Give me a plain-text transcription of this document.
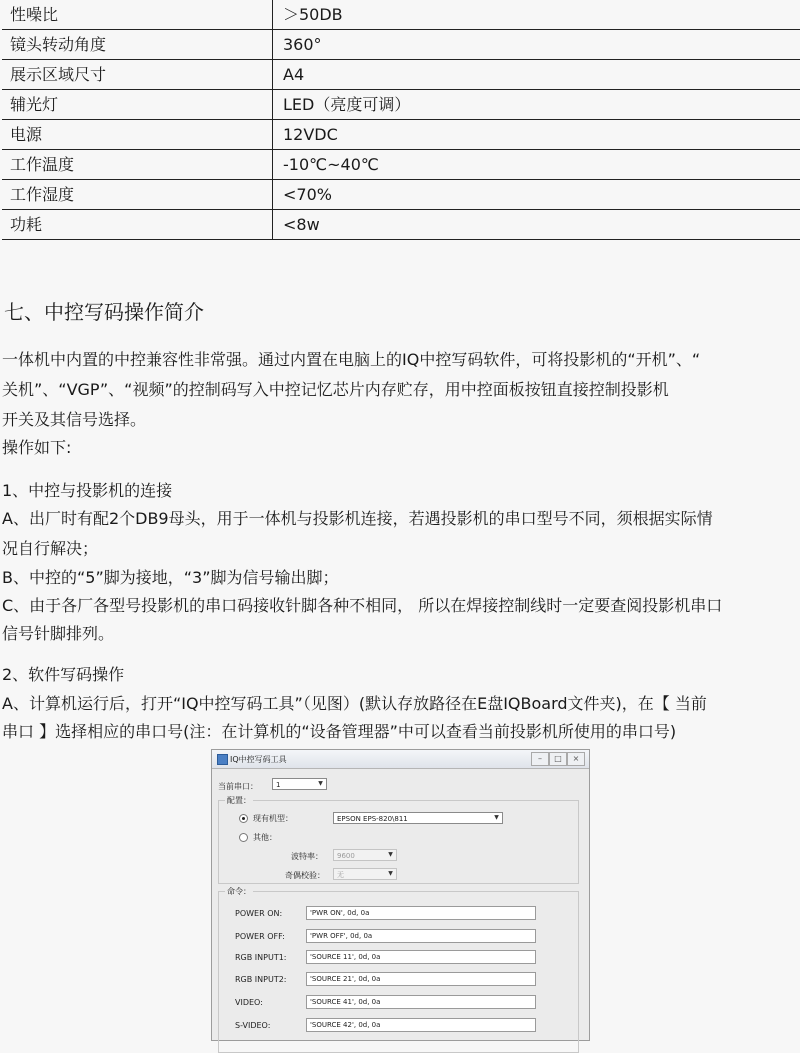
性噪比	＞50DB
镜头转动角度	360°
展示区域尺寸	A4
辅光灯	LED（亮度可调）
电源	12VDC
工作温度	-10℃~40℃
工作湿度	<70%
功耗	<8w
七、中控写码操作简介

一体机中内置的中控兼容性非常强。通过内置在电脑上的IQ中控写码软件，可将投影机的“开机”、“

关机”、“VGP”、“视频”的控制码写入中控记忆芯片内存贮存，用中控面板按钮直接控制投影机

开关及其信号选择。

操作如下:

1、中控与投影机的连接

A、出厂时有配2个DB9母头，用于一体机与投影机连接，若遇投影机的串口型号不同，须根据实际情

况自行解决；

B、中控的“5”脚为接地，“3”脚为信号输出脚；

C、由于各厂各型号投影机的串口码接收针脚各种不相同， 所以在焊接控制线时一定要查阅投影机串口

信号针脚排列。

2、软件写码操作

A、计算机运行后，打开“IQ中控写码工具”（见图）(默认存放路径在E盘IQBoard文件夹)，在【 当前

串口 】选择相应的串口号(注：在计算机的“设备管理器”中可以查看当前投影机所使用的串口号)

IQ中控写码工具	–	□	×
当前串口：	1	▼
配置：
现有机型：	EPSON EPS-820\811	▼
其他：
波特率：	9600	▼
奇偶校验：	无	▼
命令：
POWER ON:	'PWR ON', 0d, 0a
POWER OFF:	'PWR OFF', 0d, 0a
RGB INPUT1:	'SOURCE 11', 0d, 0a
RGB INPUT2:	'SOURCE 21', 0d, 0a
VIDEO:	'SOURCE 41', 0d, 0a
S-VIDEO:	'SOURCE 42', 0d, 0a
